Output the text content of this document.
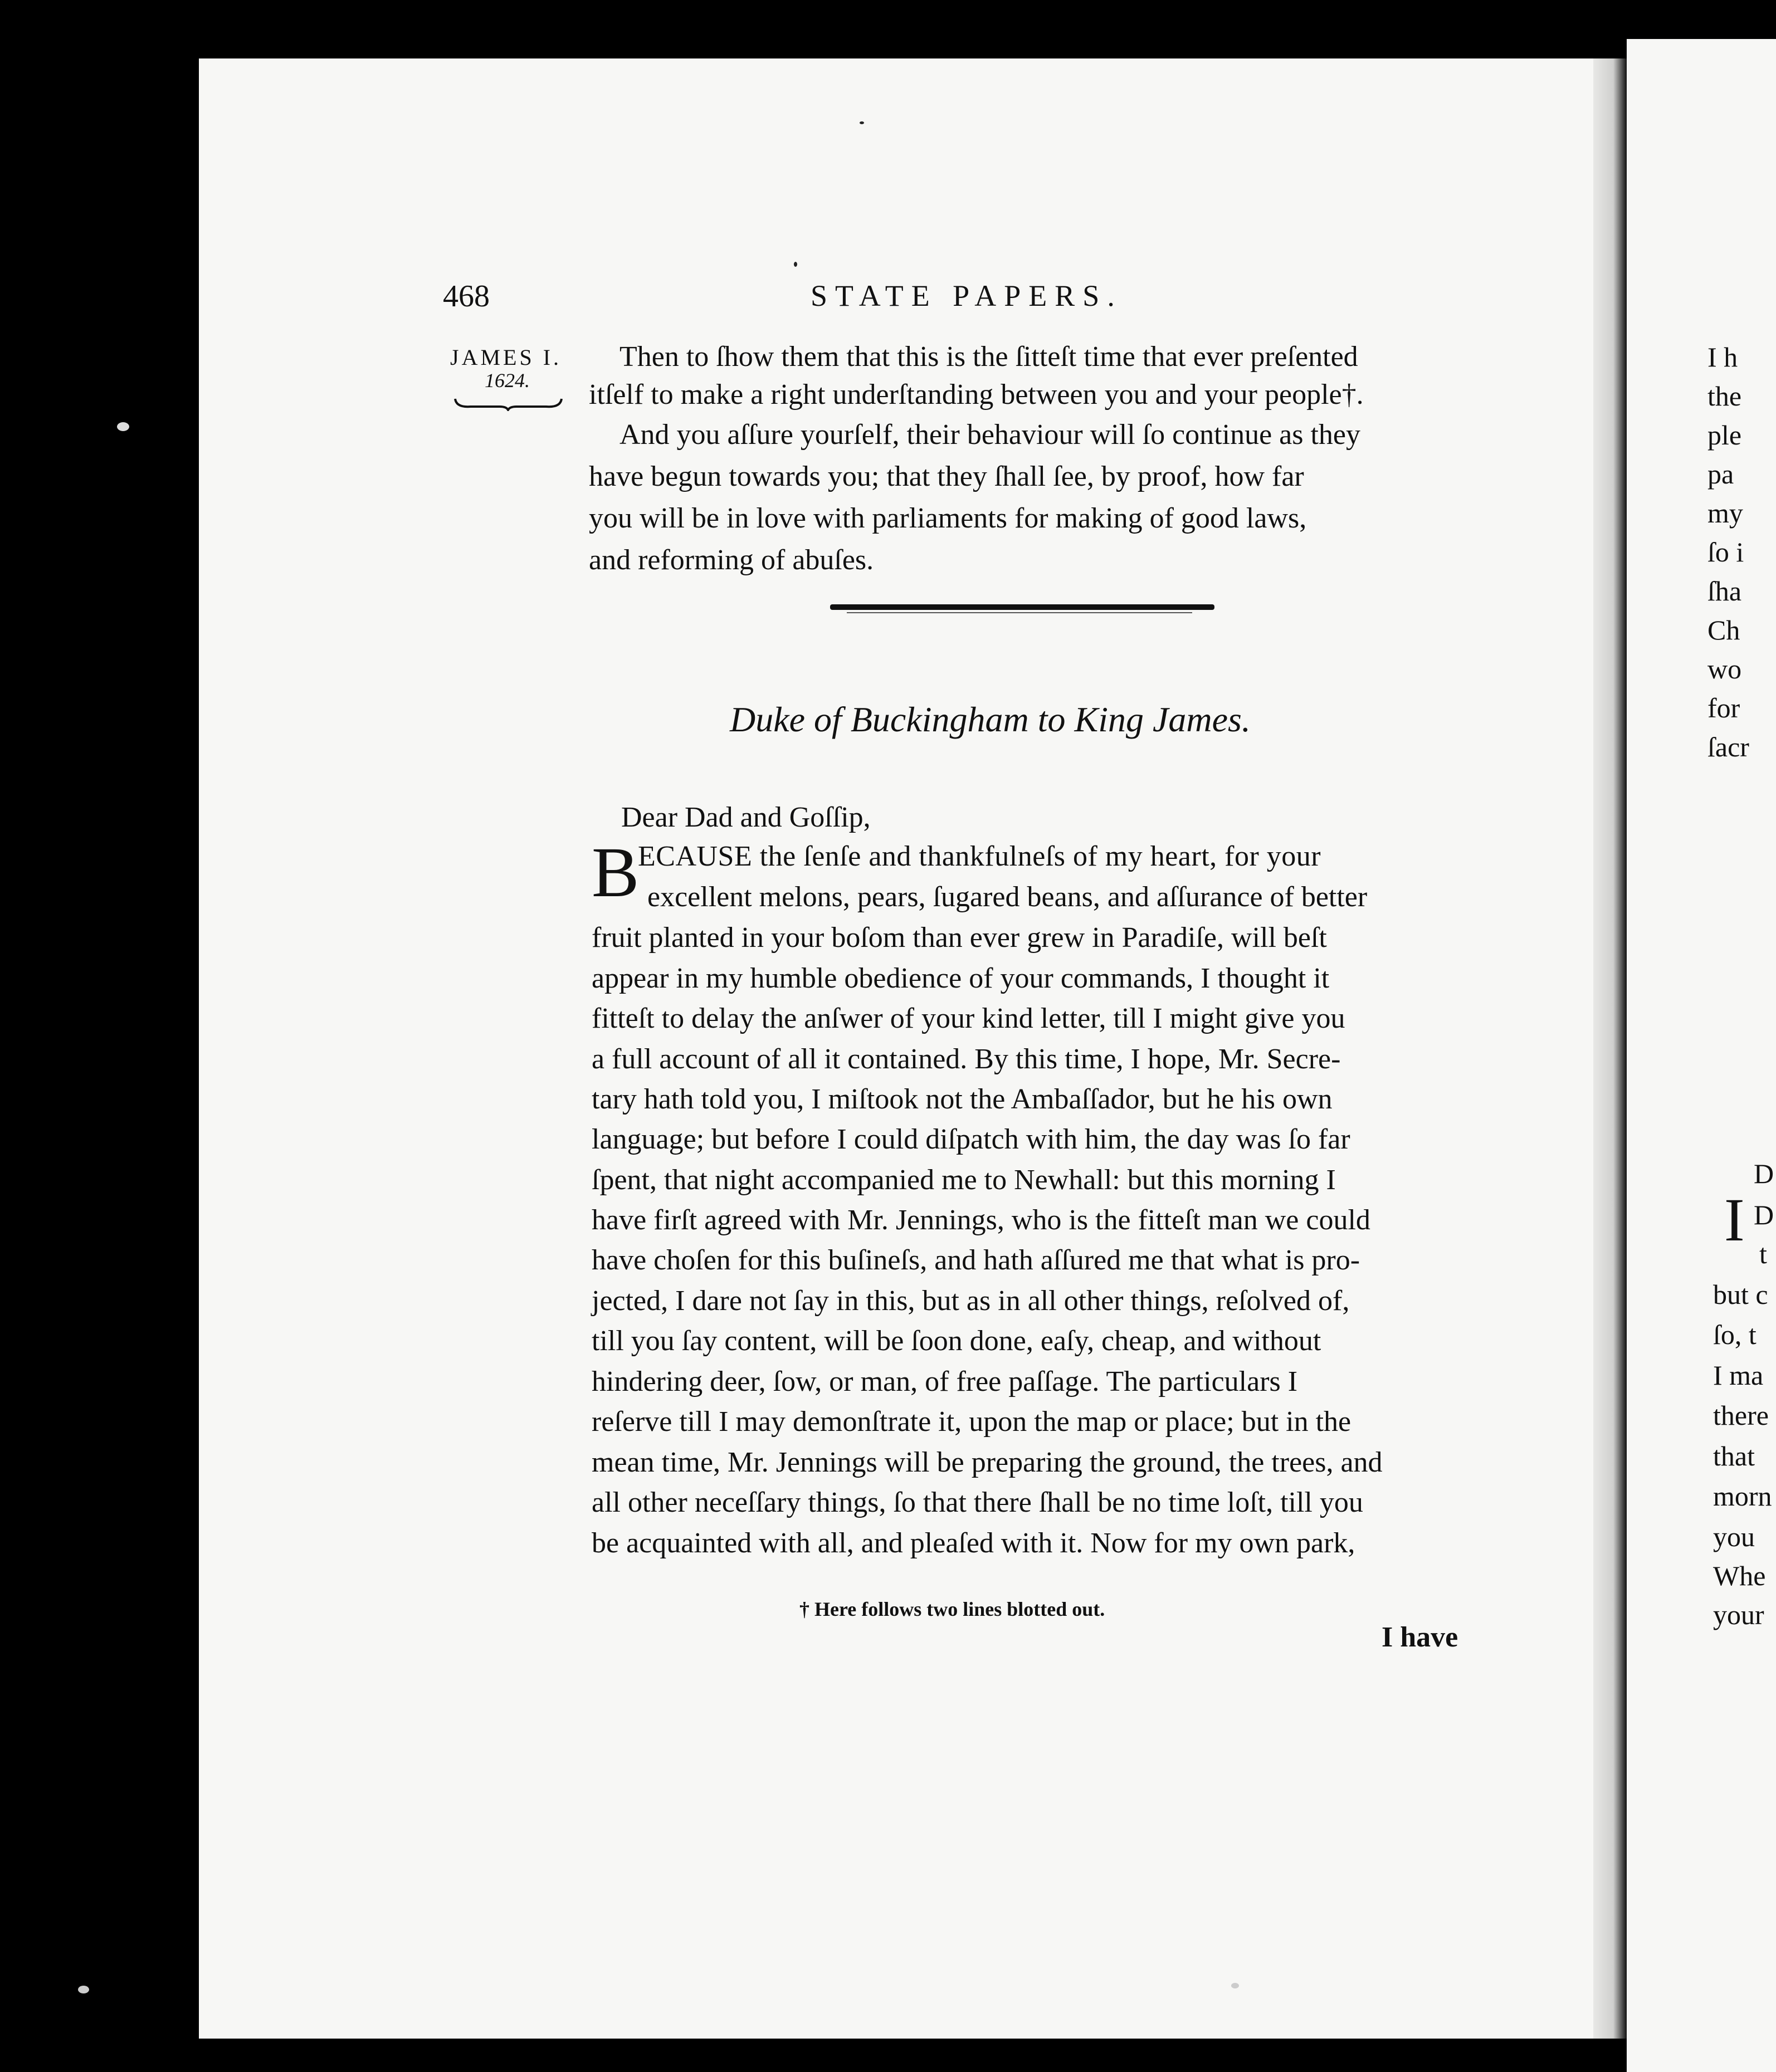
468	STATE PAPERS.
JAMES I.
1624.
Then to ſhow them that this is the ſitteſt time that ever preſented
itſelf to make a right underſtanding between you and your people†.
And you aſſure yourſelf, their behaviour will ſo continue as they
have begun towards you; that they ſhall ſee, by proof, how far
you will be in love with parliaments for making of good laws,
and reforming of abuſes.
Duke of Buckingham to King James.
Dear Dad and Goſſip,
B
ECAUSE the ſenſe and thankfulneſs of my heart, for your
excellent melons, pears, ſugared beans, and aſſurance of better
fruit planted in your boſom than ever grew in Paradiſe, will beſt
appear in my humble obedience of your commands, I thought it
fitteſt to delay the anſwer of your kind letter, till I might give you
a full account of all it contained. By this time, I hope, Mr. Secre-
tary hath told you, I miſtook not the Ambaſſador, but he his own
language; but before I could diſpatch with him, the day was ſo far
ſpent, that night accompanied me to Newhall: but this morning I
have firſt agreed with Mr. Jennings, who is the fitteſt man we could
have choſen for this buſineſs, and hath aſſured me that what is pro-
jected, I dare not ſay in this, but as in all other things, reſolved of,
till you ſay content, will be ſoon done, eaſy, cheap, and without
hindering deer, ſow, or man, of free paſſage. The particulars I
reſerve till I may demonſtrate it, upon the map or place; but in the
mean time, Mr. Jennings will be preparing the ground, the trees, and
all other neceſſary things, ſo that there ſhall be no time loſt, till you
be acquainted with all, and pleaſed with it. Now for my own park,
† Here follows two lines blotted out.
I have
I h
the
ple
pa
my
ſo i
ſha
Ch
wo
for
ſacr
I
D
D
t
but c
ſo, t
I ma
there
that
morn
you
Whe
your
